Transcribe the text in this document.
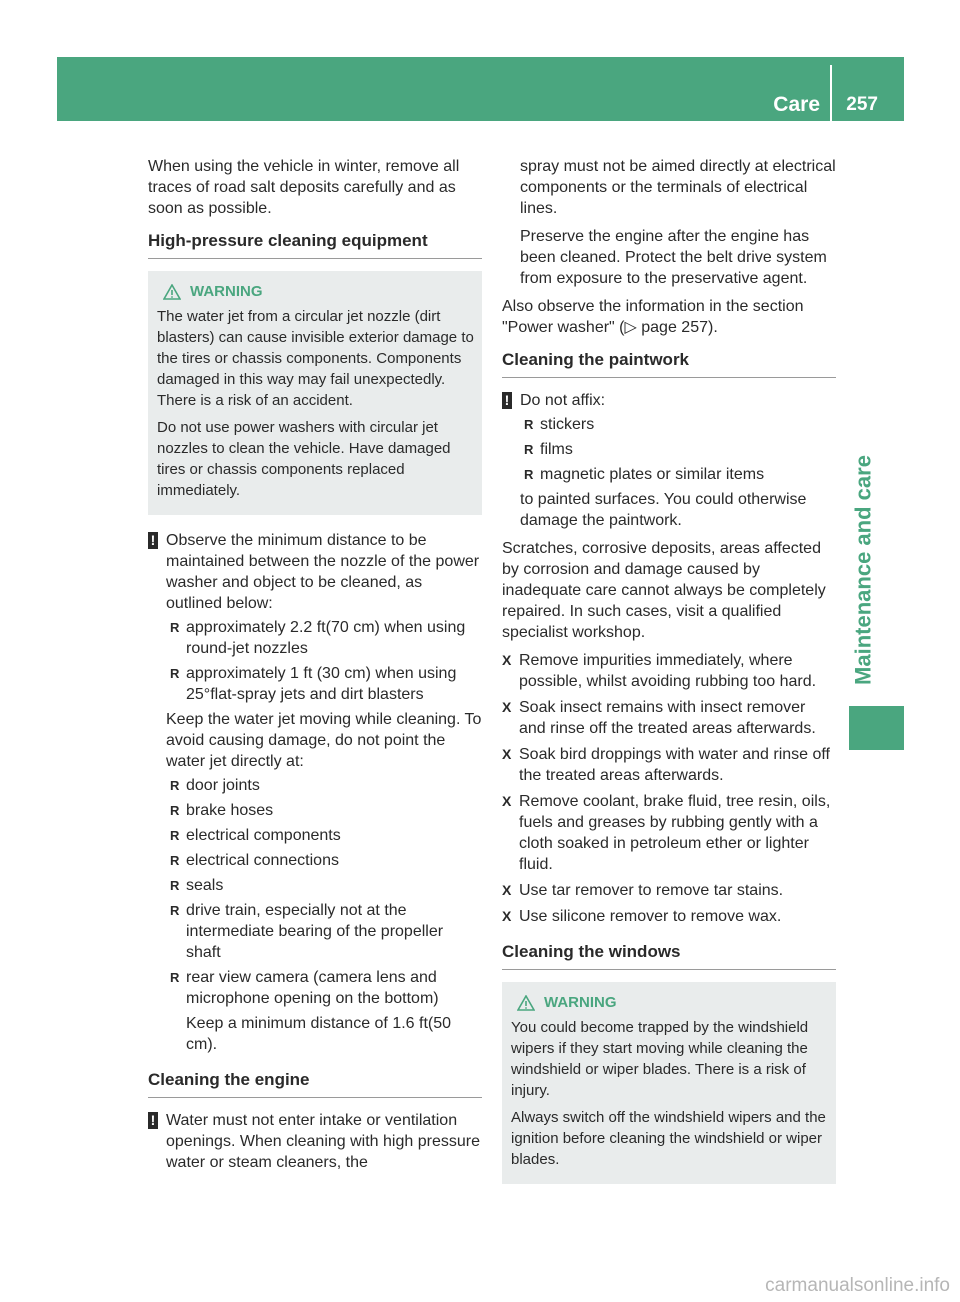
Care 257
Maintenance and care

When using the vehicle in winter, remove all traces of road salt deposits carefully and as soon as possible.

High-pressure cleaning equipment
WARNING

The water jet from a circular jet nozzle (dirt blasters) can cause invisible exterior damage to the tires or chassis components. Components damaged in this way may fail unexpectedly. There is a risk of an accident.

Do not use power washers with circular jet nozzles to clean the vehicle. Have damaged tires or chassis components replaced immediately.

! Observe the minimum distance to be maintained between the nozzle of the power washer and object to be cleaned, as outlined below:

R approximately 2.2 ft(70 cm) when using round-jet nozzles
R approximately 1 ft (30 cm) when using 25°flat-spray jets and dirt blasters

Keep the water jet moving while cleaning. To avoid causing damage, do not point the water jet directly at:

R door joints
R brake hoses
R electrical components
R electrical connections
R seals
R drive train, especially not at the intermediate bearing of the propeller shaft
R rear view camera (camera lens and microphone opening on the bottom)

Keep a minimum distance of 1.6 ft(50 cm).

Cleaning the engine
! Water must not enter intake or ventilation openings. When cleaning with high pressure water or steam cleaners, the

spray must not be aimed directly at electrical components or the terminals of electrical lines.

Preserve the engine after the engine has been cleaned. Protect the belt drive system from exposure to the preservative agent.

Also observe the information in the section "Power washer" (▷ page 257).

Cleaning the paintwork
! Do not affix:

R stickers
R films
R magnetic plates or similar items

to painted surfaces. You could otherwise damage the paintwork.

Scratches, corrosive deposits, areas affected by corrosion and damage caused by inadequate care cannot always be completely repaired. In such cases, visit a qualified specialist workshop.

X Remove impurities immediately, where possible, whilst avoiding rubbing too hard.
X Soak insect remains with insect remover and rinse off the treated areas afterwards.
X Soak bird droppings with water and rinse off the treated areas afterwards.
X Remove coolant, brake fluid, tree resin, oils, fuels and greases by rubbing gently with a cloth soaked in petroleum ether or lighter fluid.
X Use tar remover to remove tar stains.
X Use silicone remover to remove wax.
Cleaning the windows
WARNING

You could become trapped by the windshield wipers if they start moving while cleaning the windshield or wiper blades. There is a risk of injury.

Always switch off the windshield wipers and the ignition before cleaning the windshield or wiper blades.

carmanualsonline.info
